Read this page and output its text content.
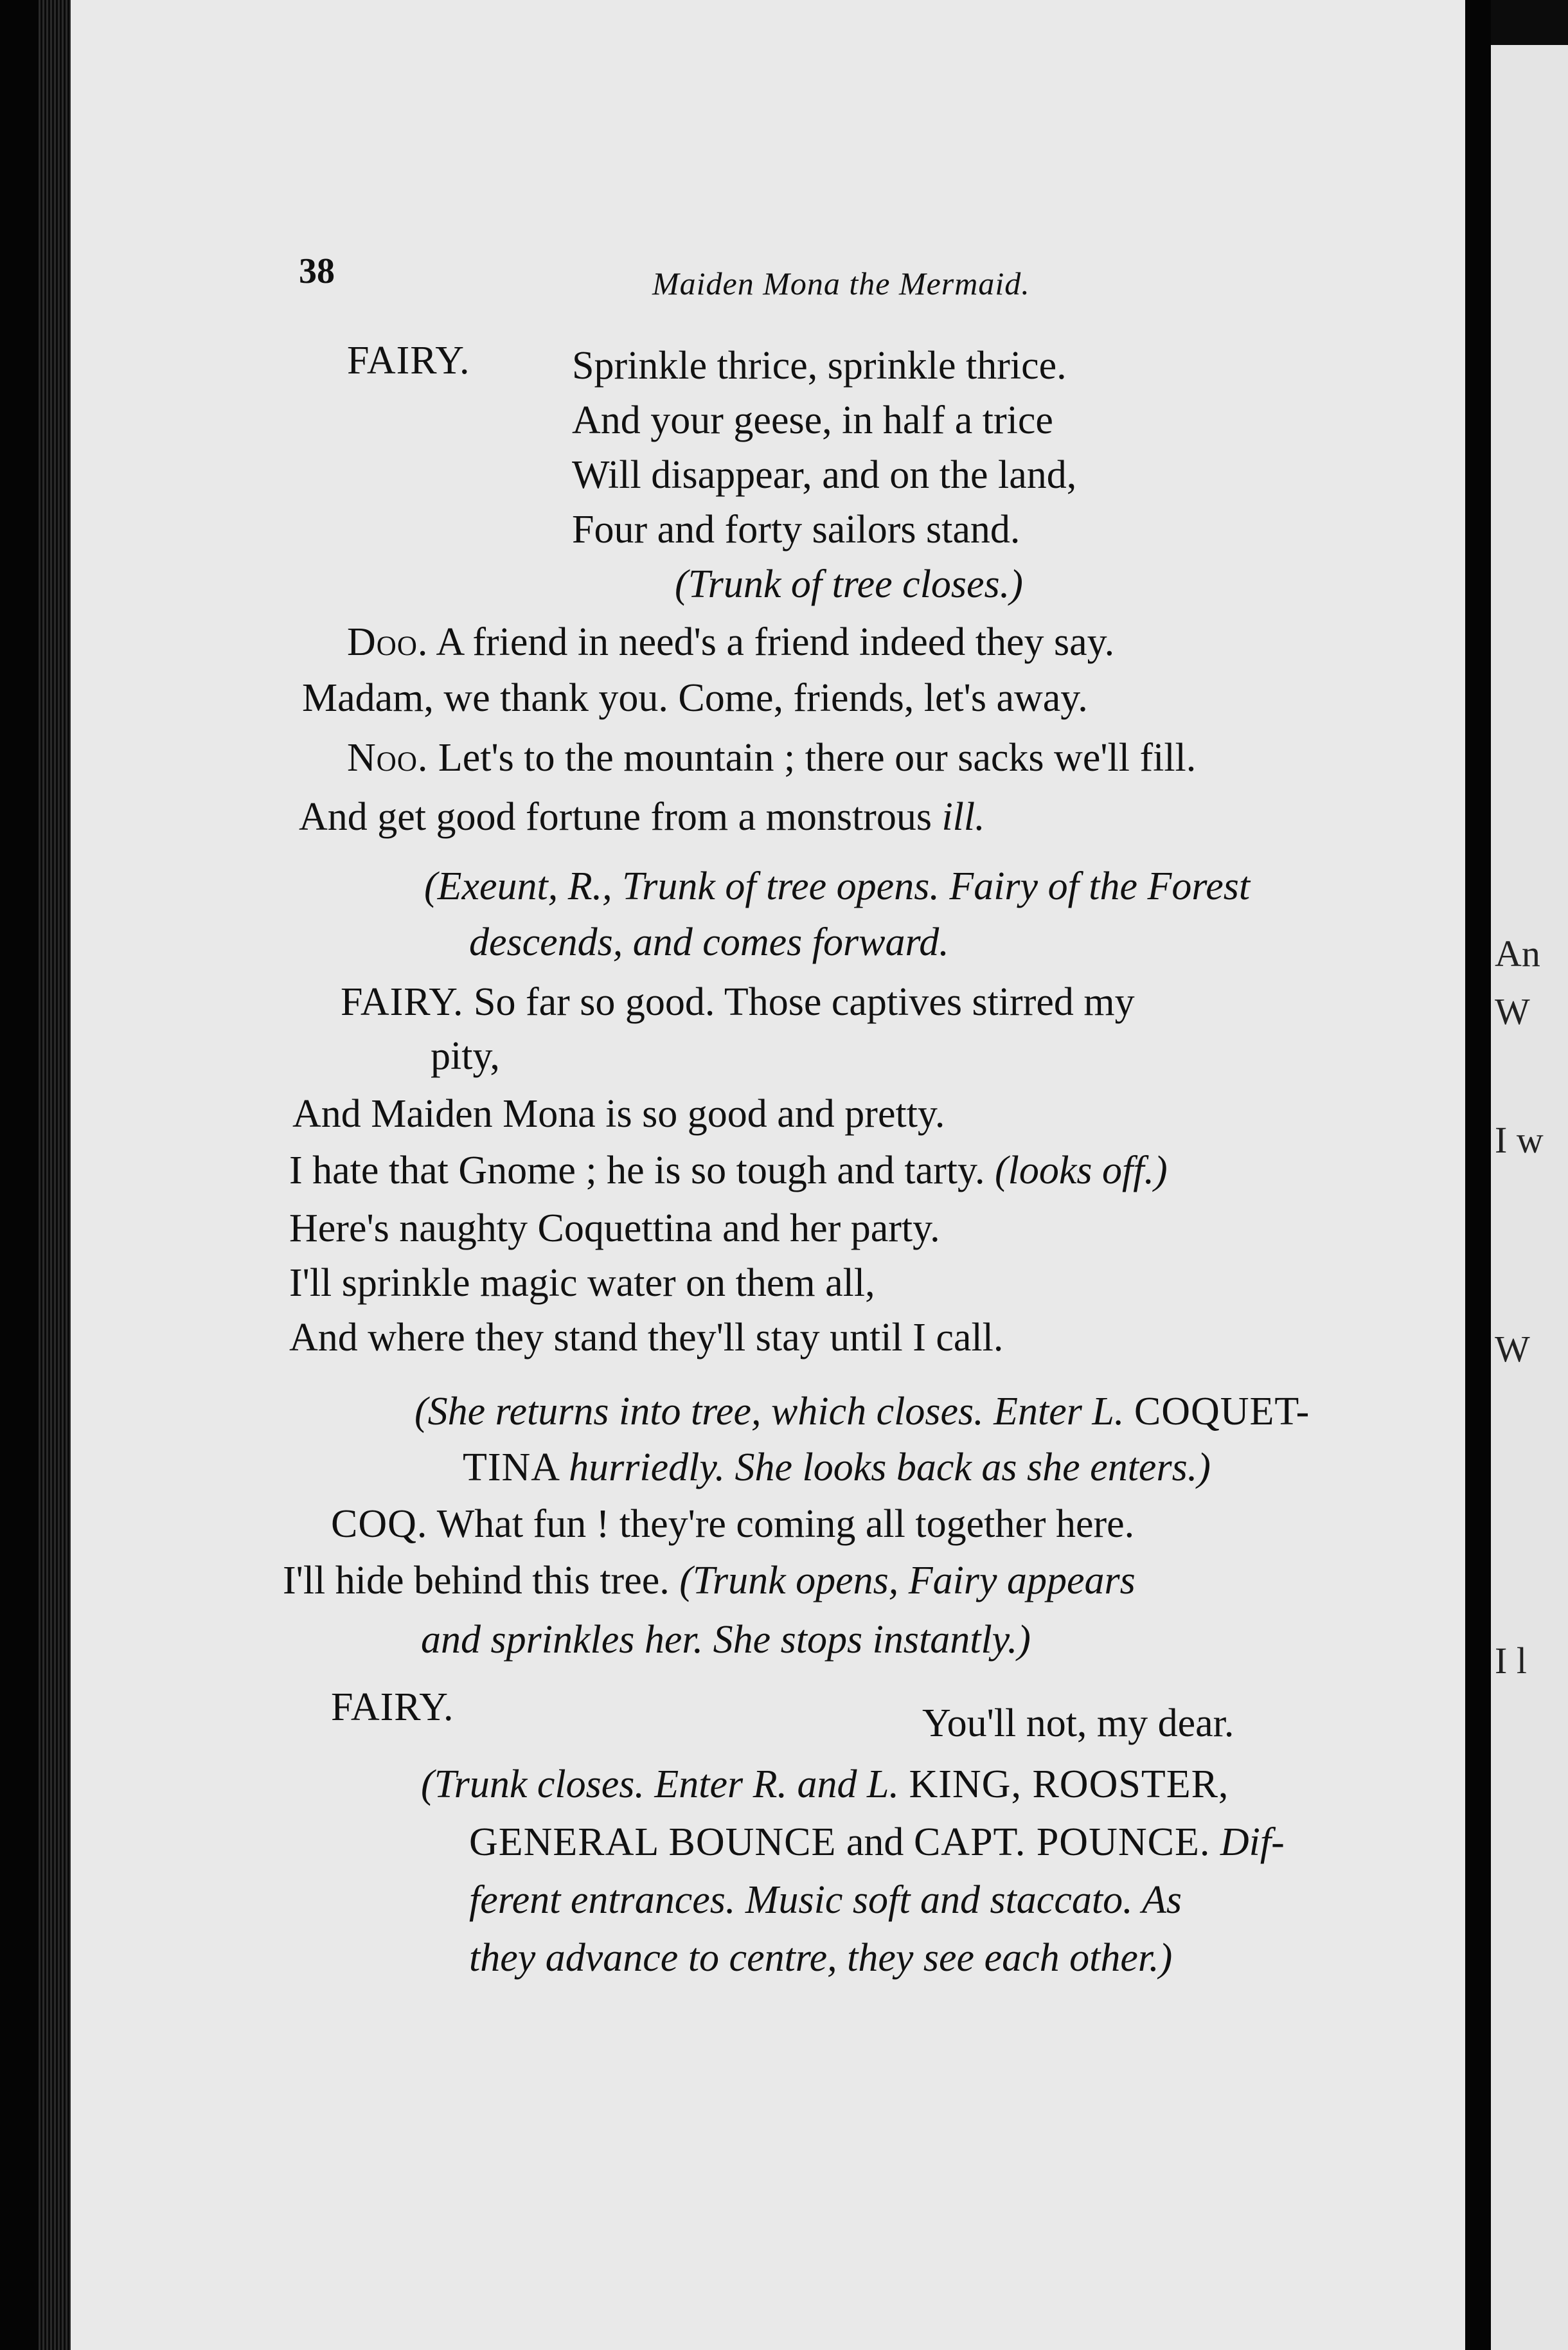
38	Maiden Mona the Mermaid.
FAIRY.	Sprinkle thrice, sprinkle thrice.
And your geese, in half a trice
Will disappear, and on the land,
Four and forty sailors stand.
(Trunk of tree closes.)
Doo. A friend in need's a friend indeed they say.
Madam, we thank you. Come, friends, let's away.
Noo. Let's to the mountain ; there our sacks we'll fill.
And get good fortune from a monstrous ill.
(Exeunt, R., Trunk of tree opens. Fairy of the Forest
descends, and comes forward.
FAIRY. So far so good. Those captives stirred my
pity,
And Maiden Mona is so good and pretty.
I hate that Gnome ; he is so tough and tarty. (looks off.)
Here's naughty Coquettina and her party.
I'll sprinkle magic water on them all,
And where they stand they'll stay until I call.
(She returns into tree, which closes. Enter L. COQUET-
TINA hurriedly. She looks back as she enters.)
COQ. What fun ! they're coming all together here.
I'll hide behind this tree. (Trunk opens, Fairy appears
and sprinkles her. She stops instantly.)
FAIRY.	You'll not, my dear.
(Trunk closes. Enter R. and L. KING, ROOSTER,
GENERAL BOUNCE and CAPT. POUNCE. Dif-
ferent entrances. Music soft and staccato. As
they advance to centre, they see each other.)
An
W
I w
W
I l
